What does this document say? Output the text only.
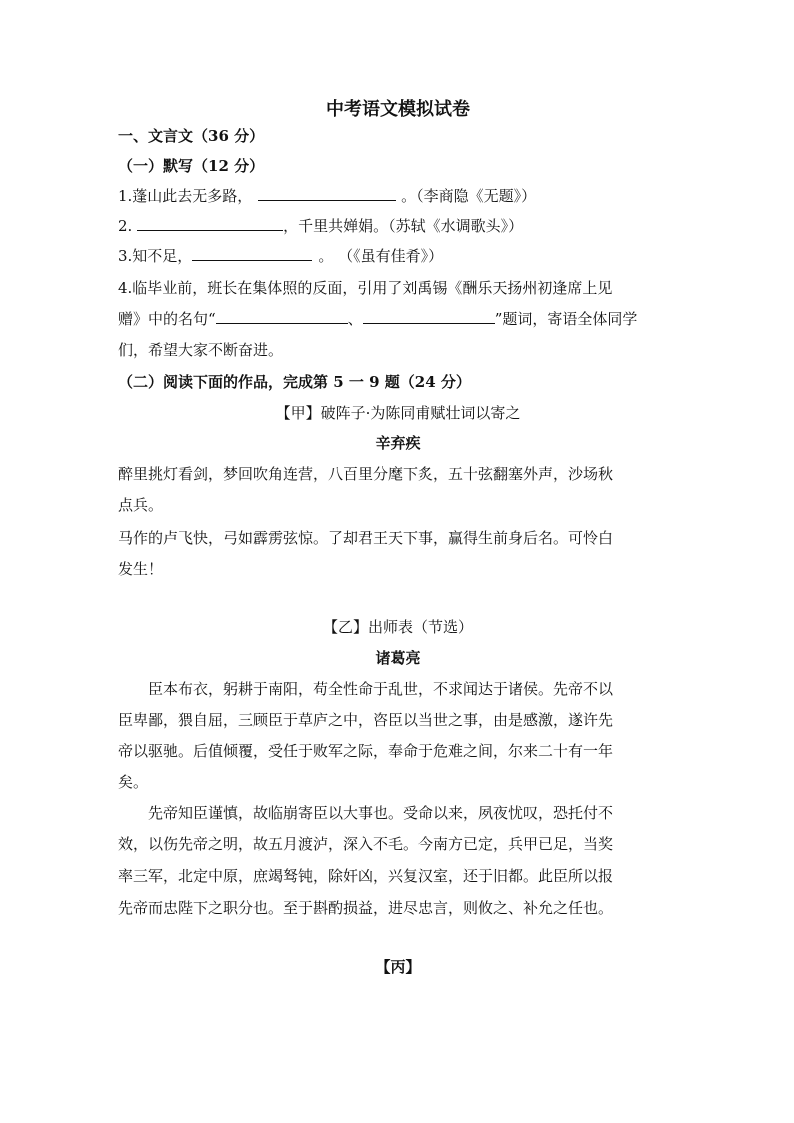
中考语文模拟试卷
一、文言文（36 分）
（一）默写（12 分）
1.蓬山此去无多路，	。（李商隐《无题》）
2.	，千里共婵娟。（苏轼《水调歌头》）
3.知不足，	。 （《虽有佳肴》）
4.临毕业前，班长在集体照的反面，引用了刘禹锡《酬乐天扬州初逢席上见
赠》中的名句“	、	”题词，寄语全体同学
们，希望大家不断奋进。
（二）阅读下面的作品，完成第 5 一 9 题（24 分）
【甲】破阵子·为陈同甫赋壮词以寄之
辛弃疾
醉里挑灯看剑，梦回吹角连营，八百里分麾下炙，五十弦翻塞外声，沙场秋
点兵。
马作的卢飞快，弓如霹雳弦惊。了却君王天下事，赢得生前身后名。可怜白
发生！
【乙】出师表（节选）
诸葛亮
臣本布衣，躬耕于南阳，苟全性命于乱世，不求闻达于诸侯。先帝不以
臣卑鄙，猥自屈，三顾臣于草庐之中，咨臣以当世之事，由是感激，遂许先
帝以驱驰。后值倾覆，受任于败军之际，奉命于危难之间，尔来二十有一年
矣。
先帝知臣谨慎，故临崩寄臣以大事也。受命以来，夙夜忧叹，恐托付不
效，以伤先帝之明，故五月渡泸，深入不毛。今南方已定，兵甲已足，当奖
率三军，北定中原，庶竭驽钝，除奸凶，兴复汉室，还于旧都。此臣所以报
先帝而忠陛下之职分也。至于斟酌损益，进尽忠言，则攸之、补允之任也。
【丙】
